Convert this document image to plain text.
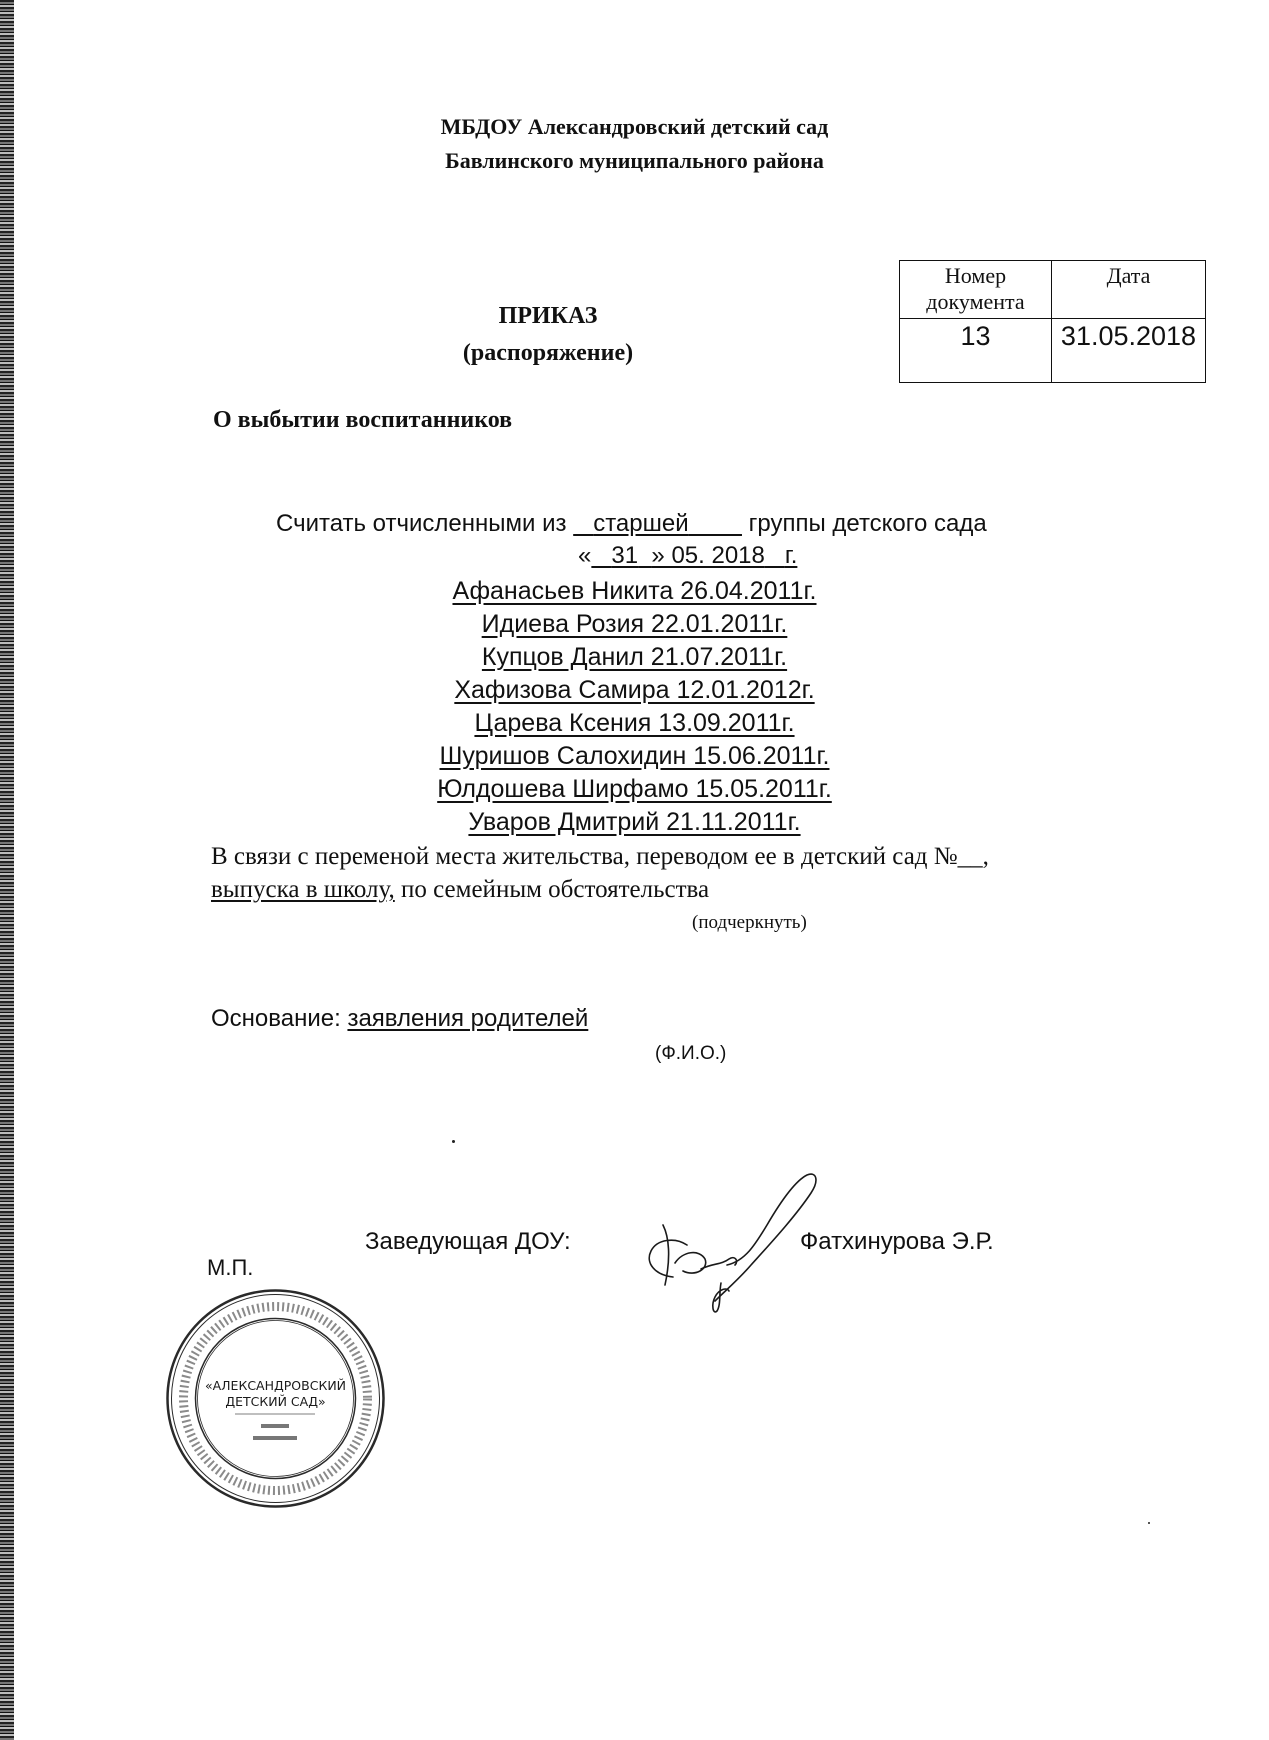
МБДОУ Александровский детский сад
Бавлинского муниципального района
Номер документа	Дата
13	31.05.2018
ПРИКАЗ
(распоряжение)
О выбытии воспитанников
Считать отчисленными из старшей	группы детского сада
« 31 » 05. 2018 г.
Афанасьев Никита 26.04.2011г.
Идиева Розия 22.01.2011г.
Купцов Данил 21.07.2011г.
Хафизова Самира 12.01.2012г.
Царева Ксения 13.09.2011г.
Шуришов Салохидин 15.06.2011г.
Юлдошева Ширфамо 15.05.2011г.
Уваров Дмитрий 21.11.2011г.
В связи с переменой места жительства, переводом ее в детский сад №__,
выпуска в школу, по семейным обстоятельства
(подчеркнуть)
Основание: заявления родителей
(Ф.И.О.)
Заведующая ДОУ:	Фатхинурова Э.Р.
М.П.
«АЛЕКСАНДРОВСКИЙ
ДЕТСКИЙ САД»
